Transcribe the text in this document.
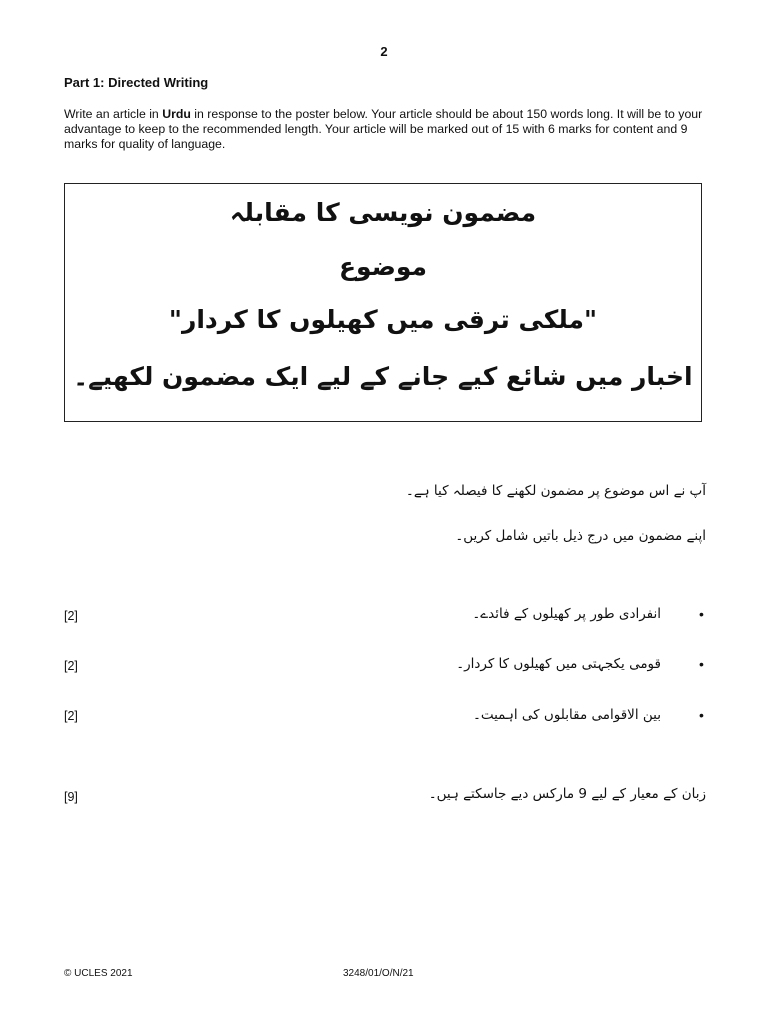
2
Part 1: Directed Writing
Write an article in Urdu in response to the poster below. Your article should be about 150 words long. It will be to your advantage to keep to the recommended length. Your article will be marked out of 15 with 6 marks for content and 9 marks for quality of language.
مضمون نویسی کا مقابلہ
موضوع
"ملکی ترقی میں کھیلوں کا کردار"
اخبار میں شائع کیے جانے کے لیے ایک مضمون لکھیے۔
آپ نے اس موضوع پر مضمون لکھنے کا فیصلہ کیا ہے۔
اپنے مضمون میں درج ذیل باتیں شامل کریں۔
•
انفرادی طور پر کھیلوں کے فائدے۔
[2]
•
قومی یکجہتی میں کھیلوں کا کردار۔
[2]
•
بین الاقوامی مقابلوں کی اہمیت۔
[2]
زبان کے معیار کے لیے 9 مارکس دیے جاسکتے ہیں۔
[9]
© UCLES 2021	3248/01/O/N/21
